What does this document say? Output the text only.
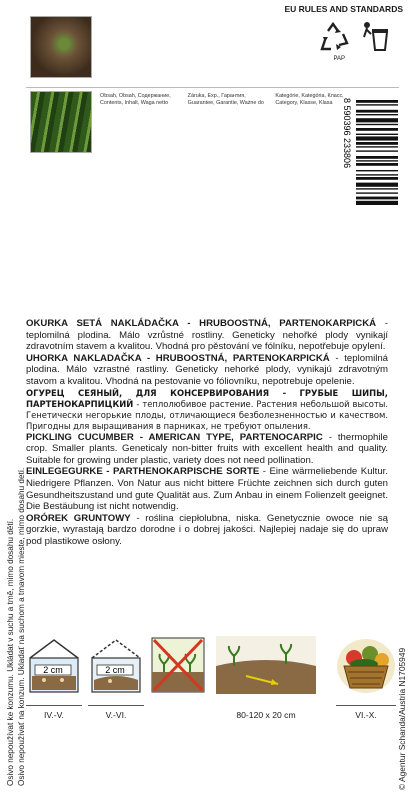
Osivo nepoužívat ke konzumu. Ukládat v suchu a tmě, mimo dosahu dětí. Osivo nepoužívať na konzum. Ukladať na suchom a tmavom mieste, mimo dosahu detí.	© Agentur Schanda/Austria N1705949
EU RULES AND STANDARDS
PAP
Obsah, Obsah, Содержание,
Contents, Inhalt, Waga netto
Záruka, Exp., Гарантия,
Guarantee, Garantie, Ważne do
Kategórie, Kategória, Класс,
Category, Klasse, Klasa	8 590396 233806

OKURKA SETÁ NAKLÁDAČKA - HRUBOOSTNÁ, PARTENOKARPICKÁ - teplomilná plodina. Málo vzrůstné rostliny. Geneticky nehořké plody vynikají zdravotním stavem a kvalitou. Vhodná pro pěstování ve fólníku, nepotřebuje opylení.

UHORKA NAKLADAČKA - HRUBOOSTNÁ, PARTENOKARPICKÁ - teplomilná plodina. Málo vzrastné rastliny. Geneticky nehorké plody, vynikajú zdravotným stavom a kvalitou. Vhodná na pestovanie vo fóliovníku, nepotrebuje opelenie.

ОГУРЕЦ СЕЯНЫЙ, ДЛЯ КОНСЕРВИРОВАНИЯ - ГРУБЫЕ ШИПЫ, ПАРТЕНОКАРПИЦКИЙ - теплолюбивое растение. Растения небольшой высоты. Генетически негорькие плоды, отличающиеся безболезненностью и качеством. Пригодны для выращивания в парниках, не требуют опыления.

PICKLING CUCUMBER - AMERICAN TYPE, PARTENOCARPIC - thermophile crop. Smaller plants. Geneticaly non-bitter fruits with excellent health and quality. Suitable for growing under plastic, variety does not need pollination.

EINLEGEGURKE - PARTHENOKARPISCHE SORTE - Eine wärmeliebende Kultur. Niedrigere Pflanzen. Von Natur aus nicht bittere Früchte zeichnen sich durch guten Gesundheitszustand und gute Qualität aus. Zum Anbau in einem Folienzelt geeignet. Die Bestäubung ist nicht notwendig.

ORÓREK GRUNTOWY - roślina ciepłolubna, niska. Genetycznie owoce nie są gorzkie, wyrastają bardzo dorodne i o dobrej jakości. Najlepiej nadaje się do upraw pod plastikowe osłony.

2 cm	2 cm
IV.-V.	V.-VI.	80-120 x 20 cm	VI.-X.
